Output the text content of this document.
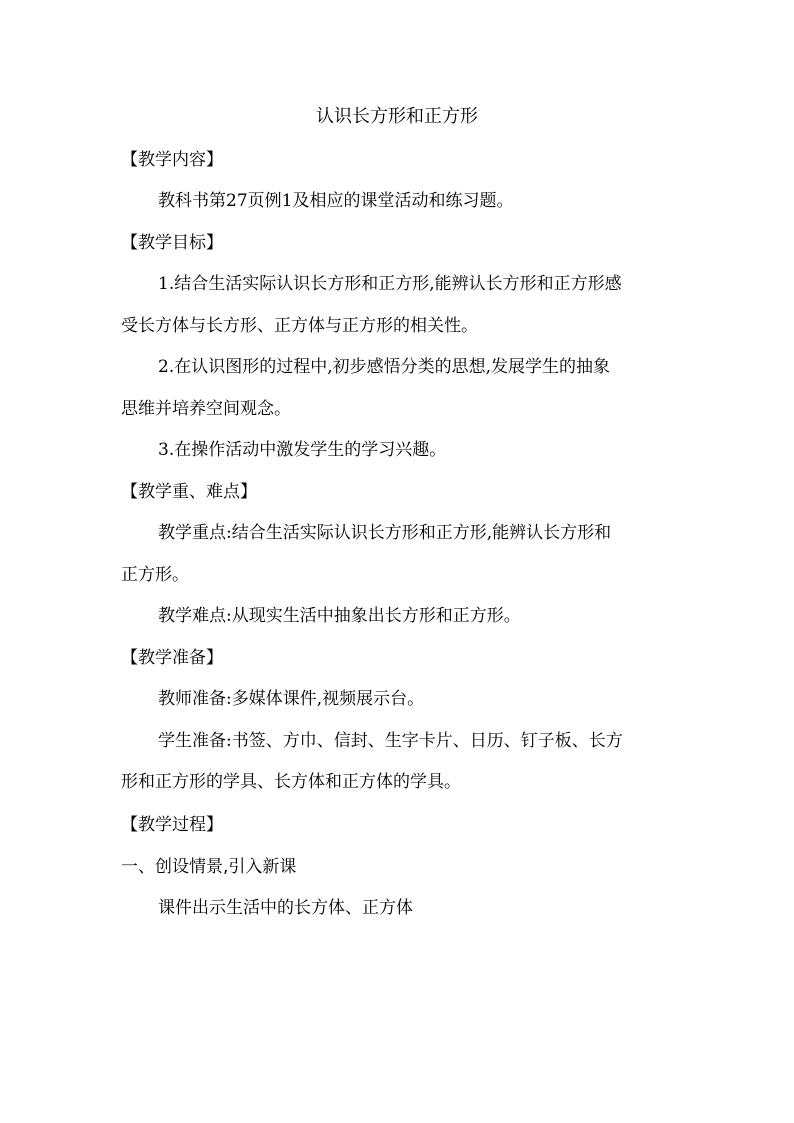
认识长方形和正方形
【教学内容】
教科书第27页例1及相应的课堂活动和练习题。
【教学目标】
1.结合生活实际认识长方形和正方形,能辨认长方形和正方形感
受长方体与长方形、正方体与正方形的相关性。
2.在认识图形的过程中,初步感悟分类的思想,发展学生的抽象
思维并培养空间观念。
3.在操作活动中激发学生的学习兴趣。
【教学重、难点】
教学重点:结合生活实际认识长方形和正方形,能辨认长方形和
正方形。
教学难点:从现实生活中抽象出长方形和正方形。
【教学准备】
教师准备:多媒体课件,视频展示台。
学生准备:书签、方巾、信封、生字卡片、日历、钉子板、长方
形和正方形的学具、长方体和正方体的学具。
【教学过程】
一、创设情景,引入新课
课件出示生活中的长方体、正方体
